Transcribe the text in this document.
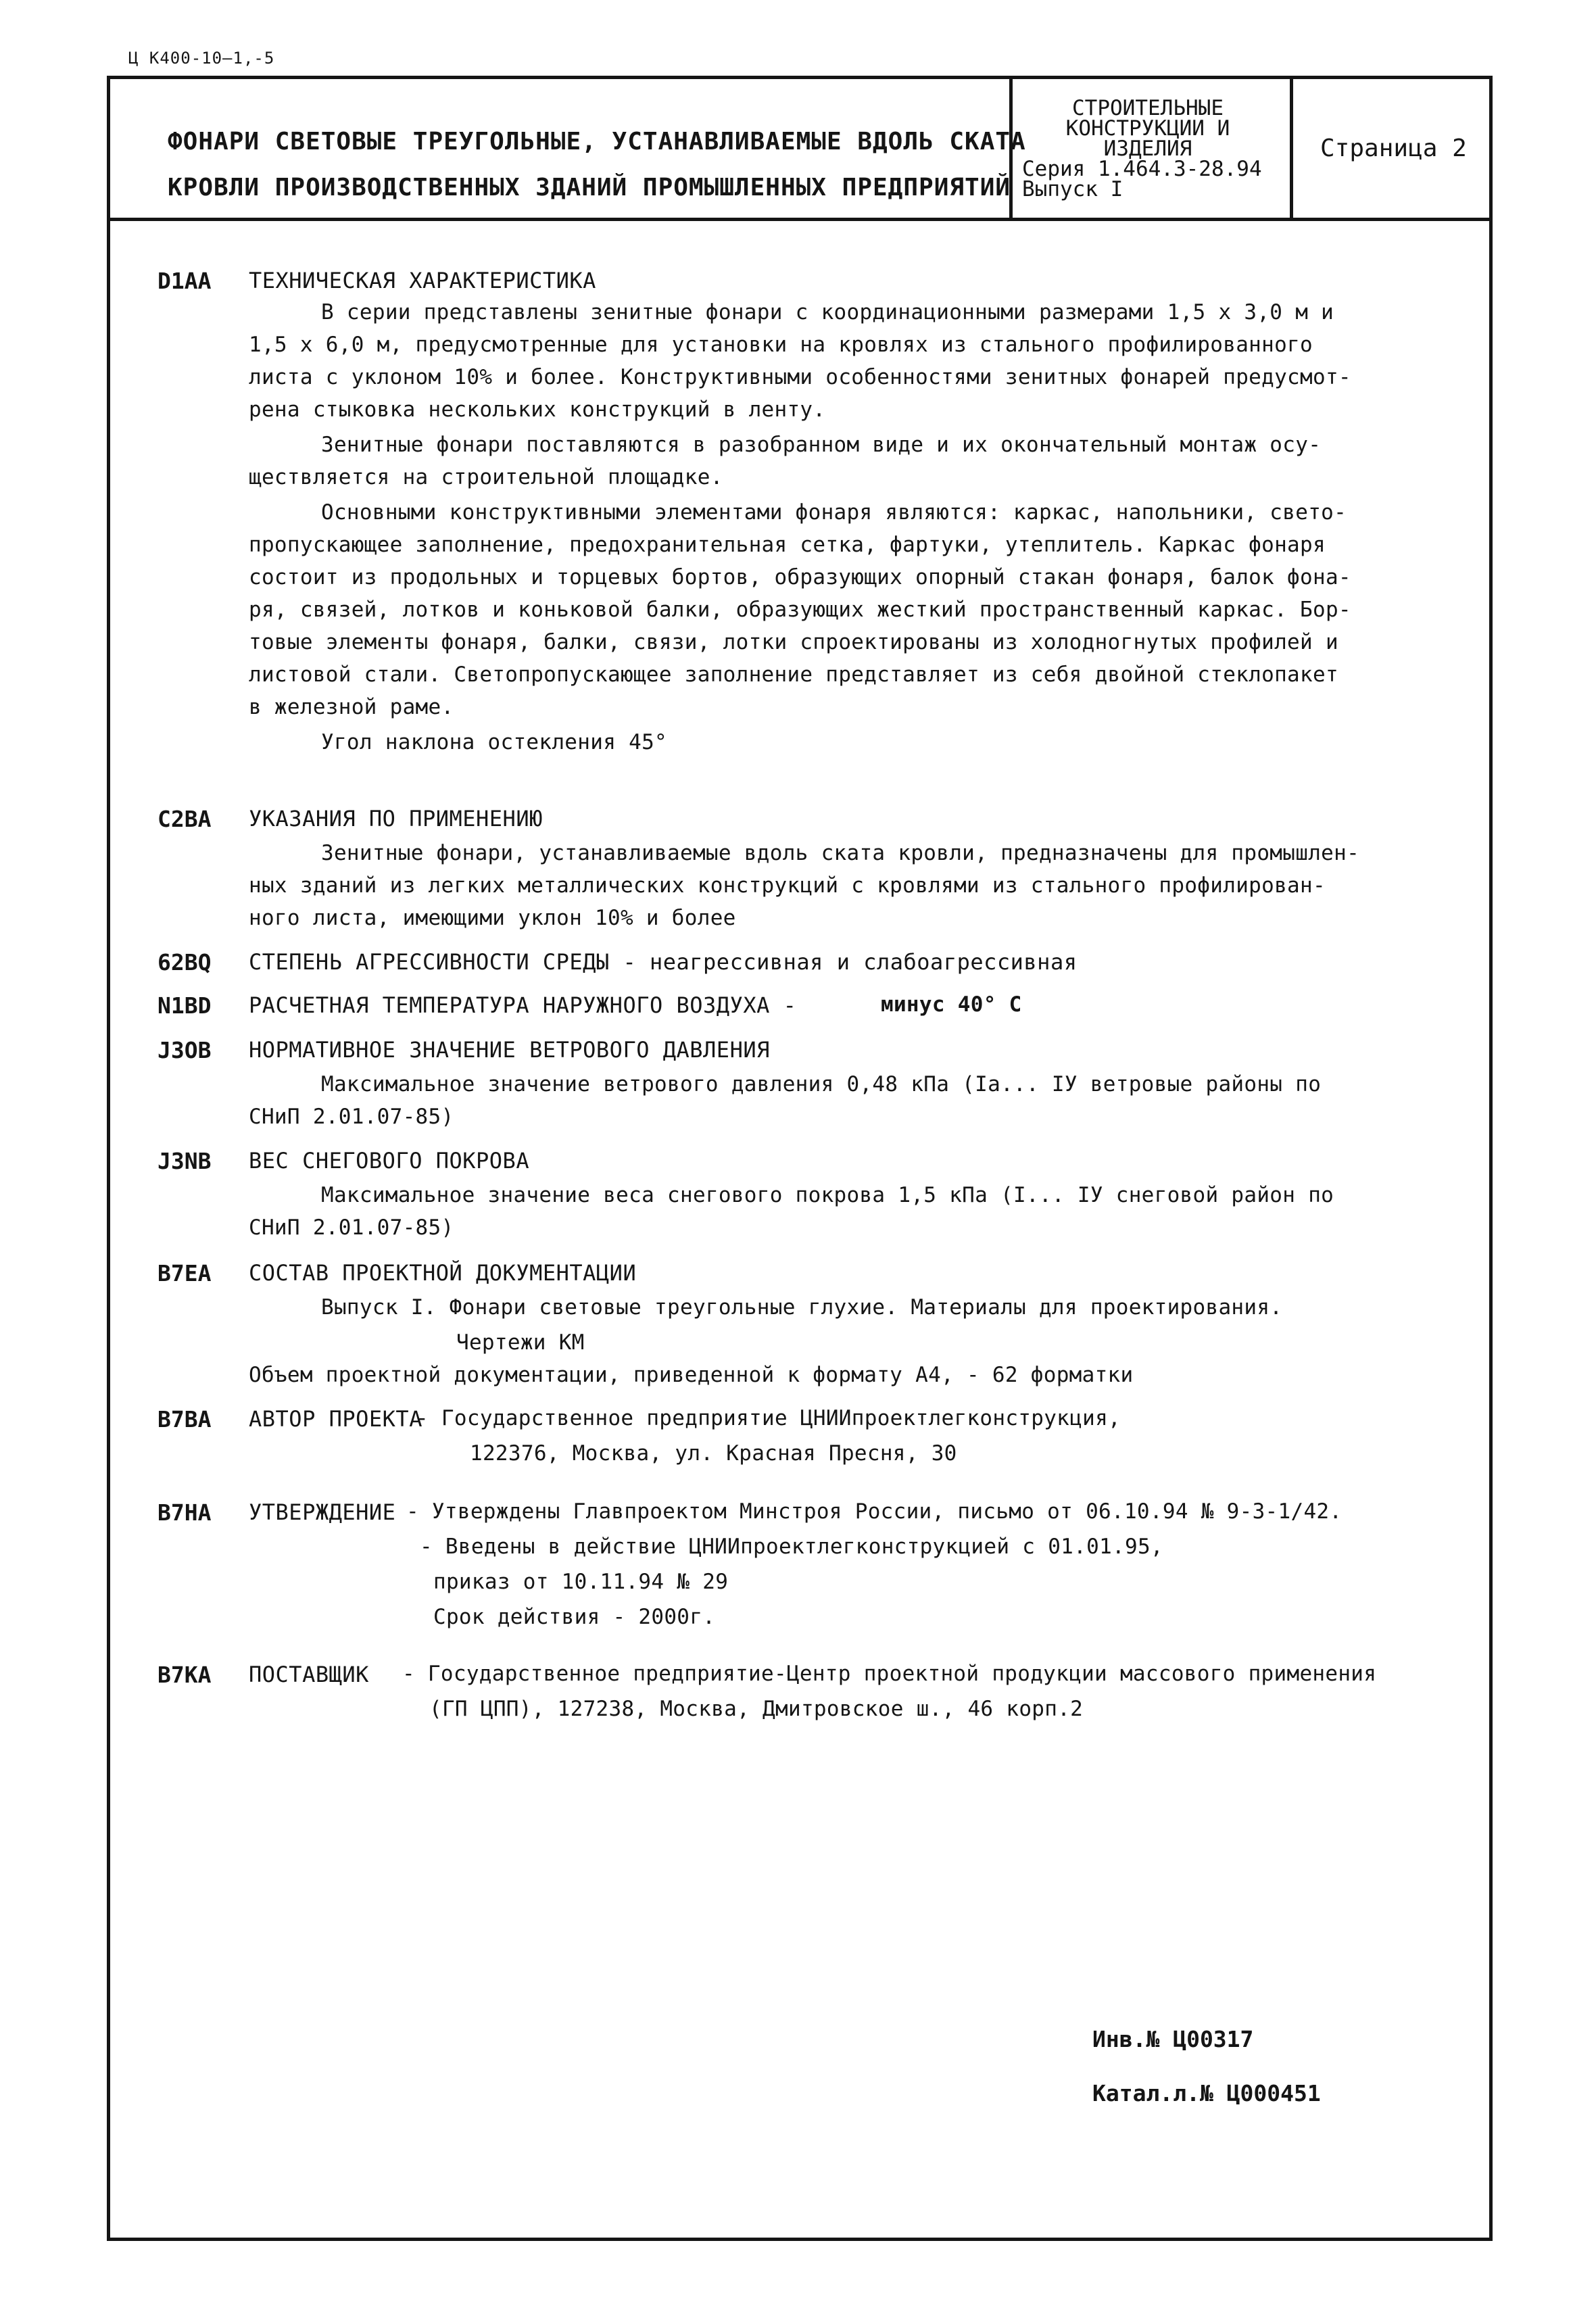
Ц К400-10—1,-5
ФОНАРИ СВЕТОВЫЕ ТРЕУГОЛЬНЫЕ, УСТАНАВЛИВАЕМЫЕ ВДОЛЬ СКАТА
КРОВЛИ ПРОИЗВОДСТВЕННЫХ ЗДАНИЙ ПРОМЫШЛЕННЫХ ПРЕДПРИЯТИЙ
СТРОИТЕЛЬНЫЕ
КОНСТРУКЦИИ И
ИЗДЕЛИЯ
Серия 1.464.3-28.94
Выпуск I
Страница 2
D1AA ТЕХНИЧЕСКАЯ ХАРАКТЕРИСТИКА
В серии представлены зенитные фонари с координационными размерами 1,5 х 3,0 м и
1,5 х 6,0 м, предусмотренные для установки на кровлях из стального профилированного
листа с уклоном 10% и более. Конструктивными особенностями зенитных фонарей предусмот-
рена стыковка нескольких конструкций в ленту.
Зенитные фонари поставляются в разобранном виде и их окончательный монтаж осу-
ществляется на строительной площадке.
Основными конструктивными элементами фонаря являются: каркас, напольники, свето-
пропускающее заполнение, предохранительная сетка, фартуки, утеплитель. Каркас фонаря
состоит из продольных и торцевых бортов, образующих опорный стакан фонаря, балок фона-
ря, связей, лотков и коньковой балки, образующих жесткий пространственный каркас. Бор-
товые элементы фонаря, балки, связи, лотки спроектированы из холодногнутых профилей и
листовой стали. Светопропускающее заполнение представляет из себя двойной стеклопакет
в железной раме.
Угол наклона остекления 45°
C2BA УКАЗАНИЯ ПО ПРИМЕНЕНИЮ
Зенитные фонари, устанавливаемые вдоль ската кровли, предназначены для промышлен-
ных зданий из легких металлических конструкций с кровлями из стального профилирован-
ного листа, имеющими уклон 10% и более
62BQ СТЕПЕНЬ АГРЕССИВНОСТИ СРЕДЫ - неагрессивная и слабоагрессивная
N1BD РАСЧЕТНАЯ ТЕМПЕРАТУРА НАРУЖНОГО ВОЗДУХА -	минус 40° С
J3OB НОРМАТИВНОЕ ЗНАЧЕНИЕ ВЕТРОВОГО ДАВЛЕНИЯ
Максимальное значение ветрового давления 0,48 кПа (Iа... IУ ветровые районы по
СНиП 2.01.07-85)
J3NB ВЕС СНЕГОВОГО ПОКРОВА
Максимальное значение веса снегового покрова 1,5 кПа (I... IУ снеговой район по
СНиП 2.01.07-85)
B7EA СОСТАВ ПРОЕКТНОЙ ДОКУМЕНТАЦИИ
Выпуск I. Фонари световые треугольные глухие. Материалы для проектирования.
Чертежи КМ
Объем проектной документации, приведенной к формату А4, - 62 форматки
B7BA АВТОР ПРОЕКТА
- Государственное предприятие ЦНИИпроектлегконструкция,
122376, Москва, ул. Красная Пресня, 30
B7HA УТВЕРЖДЕНИЕ - Утверждены Главпроектом Минстроя России, письмо от 06.10.94 № 9-3-1/42.
- Введены в действие ЦНИИпроектлегконструкцией с 01.01.95,
приказ от 10.11.94 № 29
Срок действия - 2000г.
B7KA ПОСТАВЩИК - Государственное предприятие-Центр проектной продукции массового применения
(ГП ЦПП), 127238, Москва, Дмитровское ш., 46 корп.2
Инв.№ Ц00317
Катал.л.№ Ц000451
